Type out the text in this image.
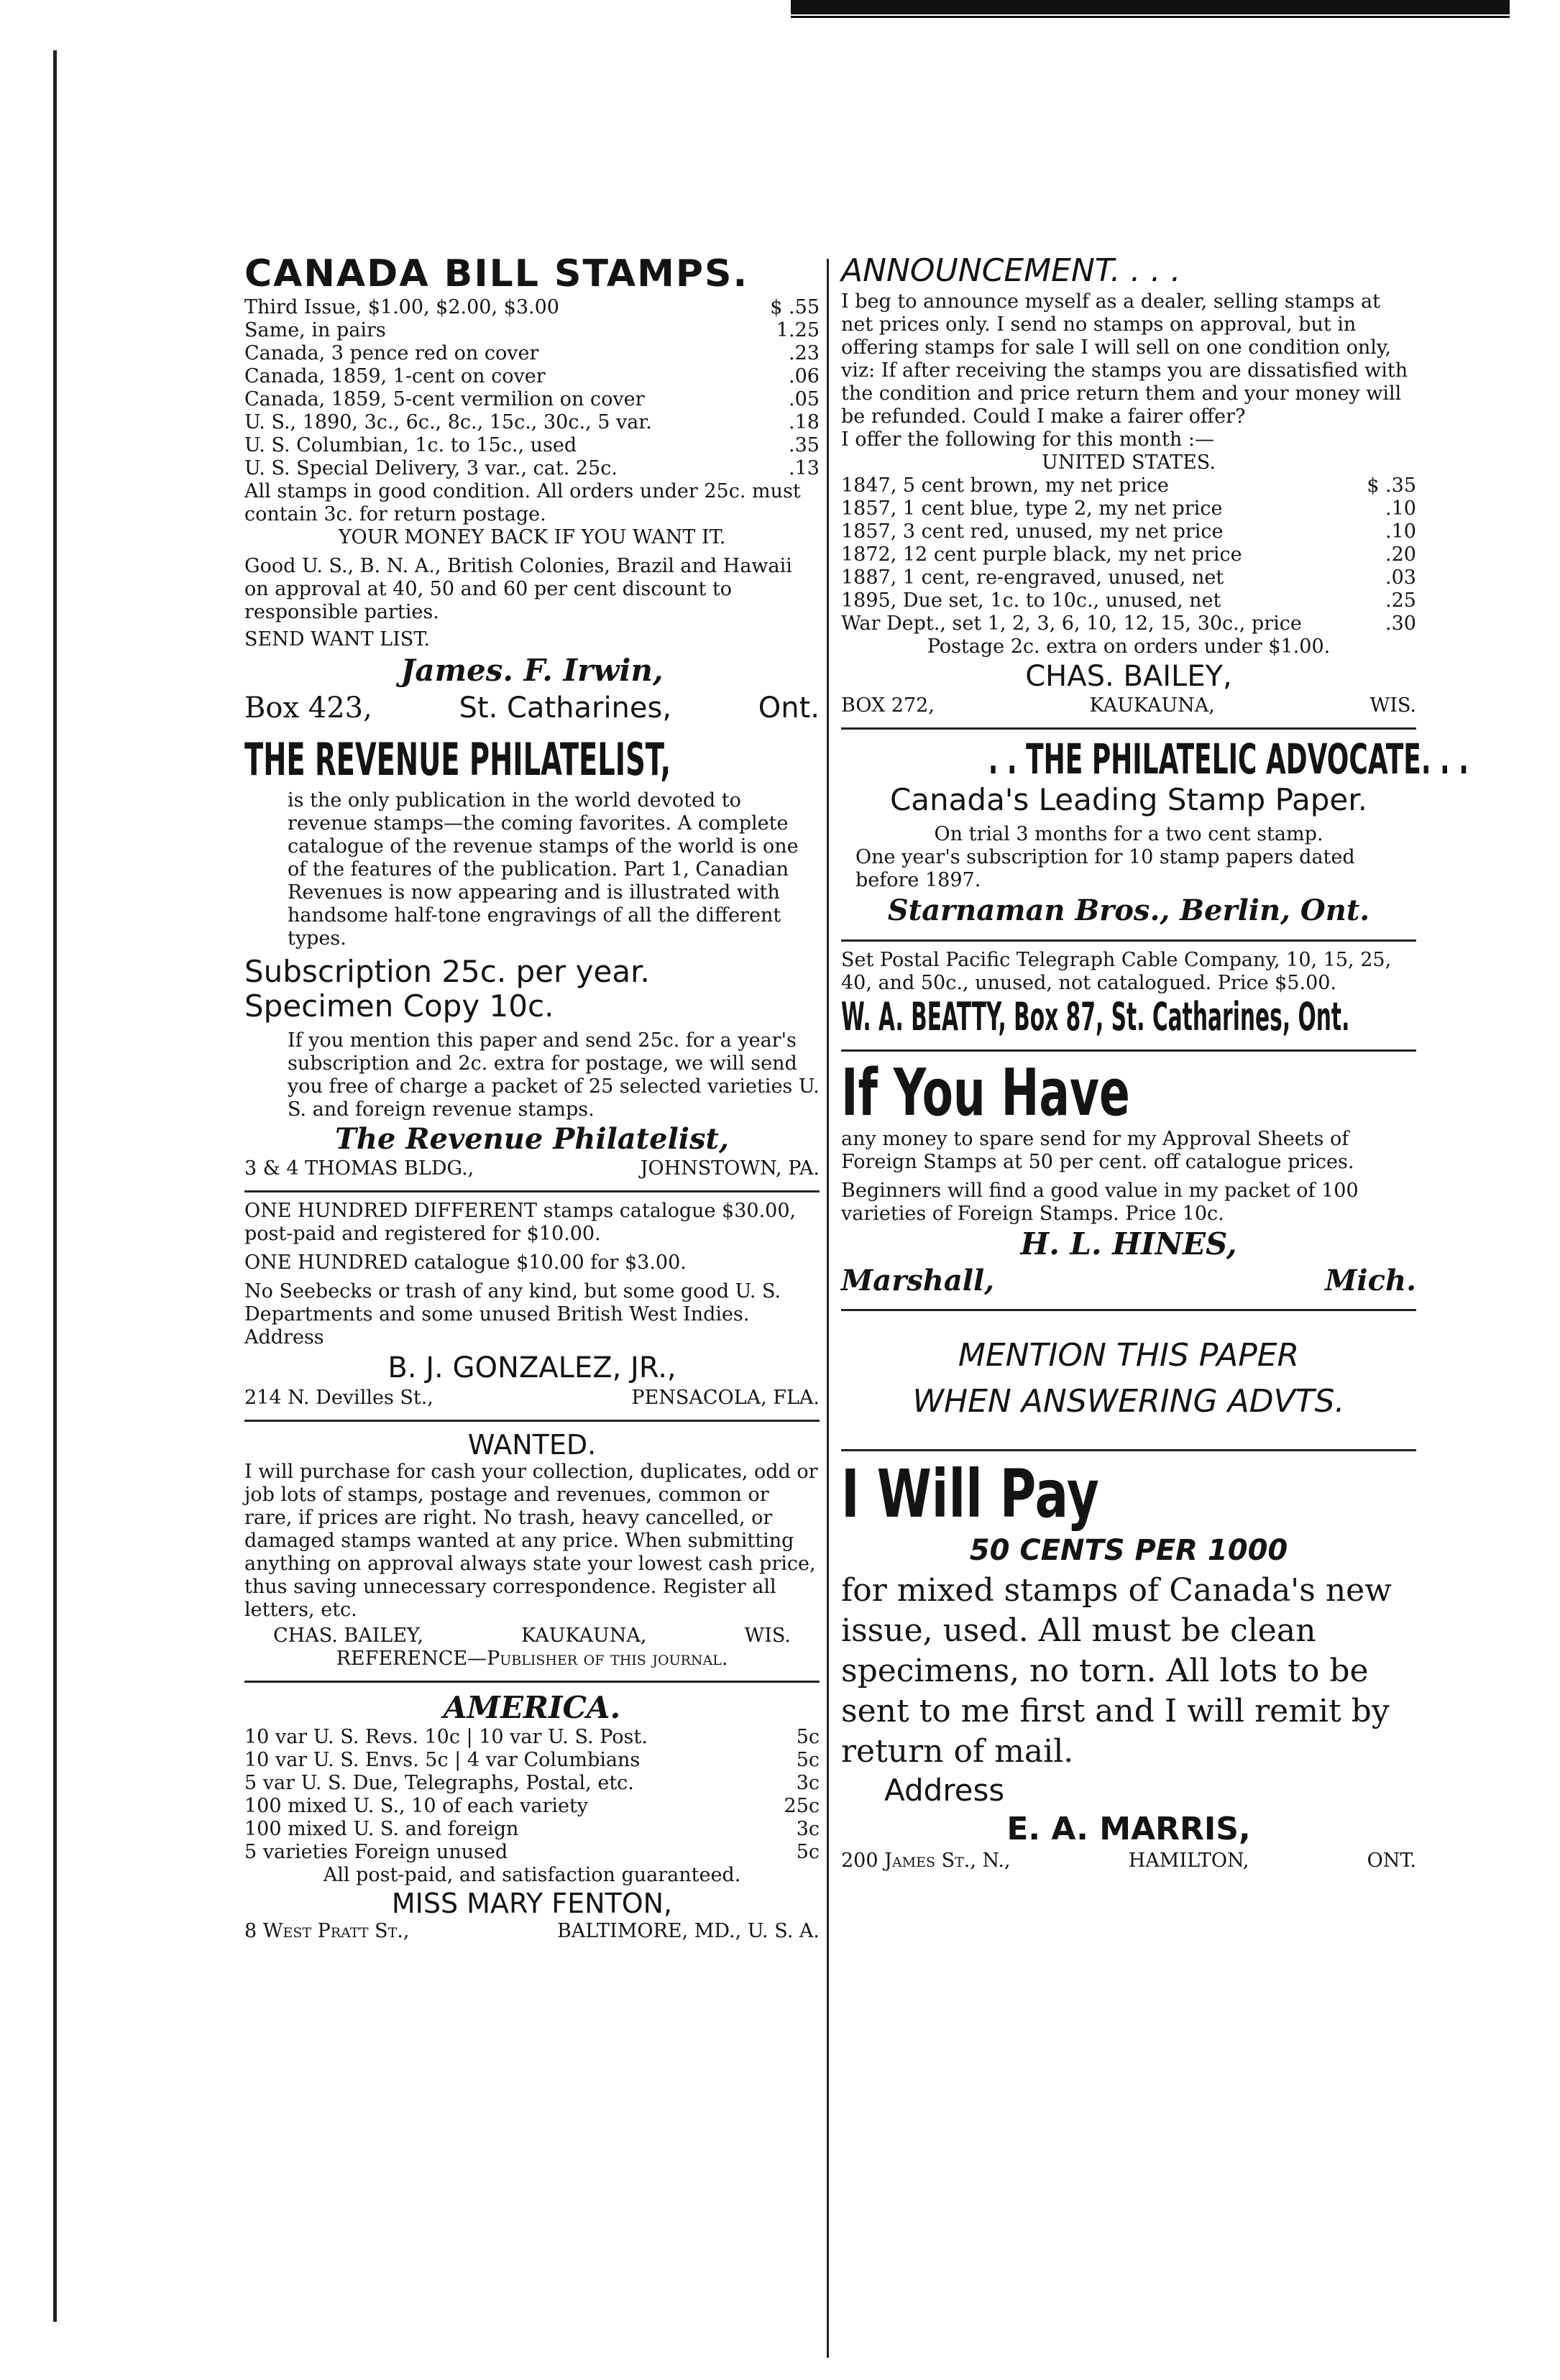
CANADA BILL STAMPS.
Third Issue, $1.00, $2.00, $3.00	$ .55
Same, in pairs	1.25
Canada, 3 pence red on cover	.23
Canada, 1859, 1-cent on cover	.06
Canada, 1859, 5-cent vermilion on cover	.05
U. S., 1890, 3c., 6c., 8c., 15c., 30c., 5 var.	.18
U. S. Columbian, 1c. to 15c., used	.35
U. S. Special Delivery, 3 var., cat. 25c.	.13

All stamps in good condition. All orders under 25c. must contain 3c. for return postage.

YOUR MONEY BACK IF YOU WANT IT.

Good U. S., B. N. A., British Colonies, Brazil and Hawaii on approval at 40, 50 and 60 per cent discount to responsible parties.

SEND WANT LIST.

James. F. Irwin,
Box 423,	St. Catharines,	Ont.
THE REVENUE PHILATELIST,

is the only publication in the world devoted to revenue stamps—the coming favorites. A complete catalogue of the revenue stamps of the world is one of the features of the publication. Part 1, Canadian Revenues is now appearing and is illustrated with handsome half-tone engravings of all the different types.

Subscription 25c. per year.
Specimen Copy 10c.

If you mention this paper and send 25c. for a year's subscription and 2c. extra for postage, we will send you free of charge a packet of 25 selected varieties U. S. and foreign revenue stamps.

The Revenue Philatelist,
3 & 4 THOMAS BLDG.,	JOHNSTOWN, PA.

ONE HUNDRED DIFFERENT stamps catalogue $30.00, post-paid and registered for $10.00.

ONE HUNDRED catalogue $10.00 for $3.00.

No Seebecks or trash of any kind, but some good U. S. Departments and some unused British West Indies. Address

B. J. GONZALEZ, JR.,
214 N. Devilles St.,	PENSACOLA, FLA.
WANTED.

I will purchase for cash your collection, duplicates, odd or job lots of stamps, postage and revenues, common or rare, if prices are right. No trash, heavy cancelled, or damaged stamps wanted at any price. When submitting anything on approval always state your lowest cash price, thus saving unnecessary correspondence. Register all letters, etc.

CHAS. BAILEY,	KAUKAUNA,	WIS.

REFERENCE—Publisher of this journal.

AMERICA.
10 var U. S. Revs. 10c | 10 var U. S. Post.	5c
10 var U. S. Envs. 5c | 4 var Columbians	5c
5 var U. S. Due, Telegraphs, Postal, etc.	3c
100 mixed U. S., 10 of each variety	25c
100 mixed U. S. and foreign	3c
5 varieties Foreign unused	5c

All post-paid, and satisfaction guaranteed.

MISS MARY FENTON,
8 West Pratt St.,	BALTIMORE, MD., U. S. A.
ANNOUNCEMENT. . . .

I beg to announce myself as a dealer, selling stamps at net prices only. I send no stamps on approval, but in offering stamps for sale I will sell on one condition only, viz: If after receiving the stamps you are dissatisfied with the condition and price return them and your money will be refunded. Could I make a fairer offer?

I offer the following for this month :—

UNITED STATES.

1847, 5 cent brown, my net price	$ .35
1857, 1 cent blue, type 2, my net price	.10
1857, 3 cent red, unused, my net price	.10
1872, 12 cent purple black, my net price	.20
1887, 1 cent, re-engraved, unused, net	.03
1895, Due set, 1c. to 10c., unused, net	.25
War Dept., set 1, 2, 3, 6, 10, 12, 15, 30c., price	.30

Postage 2c. extra on orders under $1.00.

CHAS. BAILEY,
BOX 272,	KAUKAUNA,	WIS.
. . THE PHILATELIC ADVOCATE. . .
Canada's Leading Stamp Paper.

On trial 3 months for a two cent stamp.

One year's subscription for 10 stamp papers dated before 1897.

Starnaman Bros., Berlin, Ont.

Set Postal Pacific Telegraph Cable Company, 10, 15, 25, 40, and 50c., unused, not catalogued. Price $5.00.

W. A. BEATTY, Box 87, St. Catharines, Ont.
If You Have

any money to spare send for my Approval Sheets of Foreign Stamps at 50 per cent. off catalogue prices.

Beginners will find a good value in my packet of 100 varieties of Foreign Stamps. Price 10c.

H. L. HINES,
Marshall,	Mich.
MENTION THIS PAPER
WHEN ANSWERING ADVTS.
I Will Pay
50 CENTS PER 1000

for mixed stamps of Canada's new issue, used. All must be clean specimens, no torn. All lots to be sent to me first and I will remit by return of mail.

Address
E. A. MARRIS,
200 James St., N.,	HAMILTON,	ONT.
